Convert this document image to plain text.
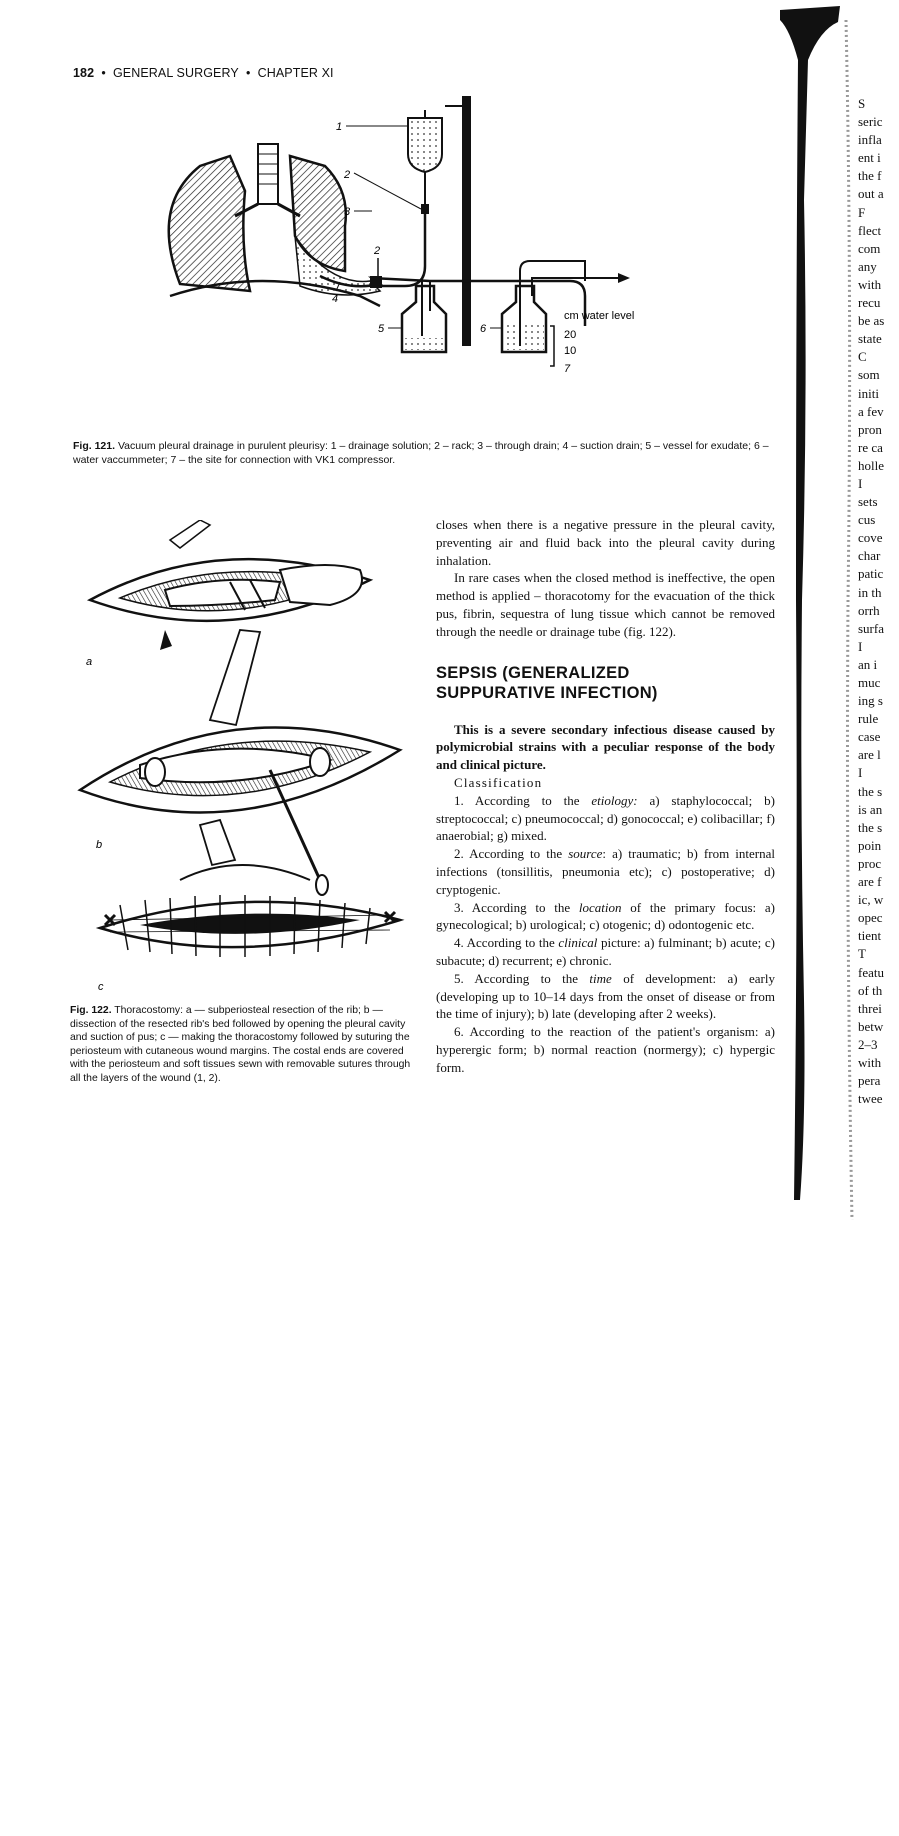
182 • GENERAL SURGERY • CHAPTER XI
1
2
3
2
4
5	6
7
cm water level
20
10
Fig. 121. Vacuum pleural drainage in purulent pleurisy: 1 – drainage solution; 2 – rack; 3 – through drain; 4 – suction drain; 5 – vessel for exudate; 6 – water vaccummeter; 7 – the site for connection with VK1 compressor.
a
b
c
Fig. 122. Thoracostomy: a — subperiosteal resection of the rib; b — dissection of the resected rib's bed followed by opening the pleural cavity and suction of pus; c — making the thoracostomy followed by suturing the periosteum with cutaneous wound margins. The costal ends are covered with the periosteum and soft tissues sewn with removable sutures through all the layers of the wound (1, 2).

closes when there is a negative pressure in the pleural cavity, preventing air and fluid back into the pleural cavity during inhalation.

In rare cases when the closed method is ineffective, the open method is applied – thoracotomy for the evacuation of the thick pus, fibrin, sequestra of lung tissue which cannot be removed through the needle or drainage tube (fig. 122).

SEPSIS (GENERALIZED
SUPPURATIVE INFECTION)

This is a severe secondary infectious disease caused by polymicrobial strains with a peculiar response of the body and clinical picture.

Classification

1. According to the etiology: a) staphylococcal; b) streptococcal; c) pneumococcal; d) gonococcal; e) colibacillar; f) anaerobial; g) mixed.

2. According to the source: a) traumatic; b) from internal infections (tonsillitis, pneumonia etc); c) postoperative; d) cryptogenic.

3. According to the location of the primary focus: a) gynecological; b) urological; c) otogenic; d) odontogenic etc.

4. According to the clinical picture: a) fulminant; b) acute; c) subacute; d) recurrent; e) chronic.

5. According to the time of development: a) early (developing up to 10–14 days from the onset of disease or from the time of injury); b) late (developing after 2 weeks).

6. According to the reaction of the patient's organism: a) hyperergic form; b) normal reaction (normergy); c) hypergic form.

S
seric
infla
ent i
the f
out a
F
flect
com
any
with
recu
be as
state
C
som
initi
a fev
pron
re ca
holle
I
sets
cus
cove
char
patic
in th
orrh
surfa
I
an i
muc
ing s
rule
case
are l
I
the s
is an
the s
poin
proc
are f
ic, w
opec
tient
T
featu
of th
threi
betw
2–3
with
pera
twee
